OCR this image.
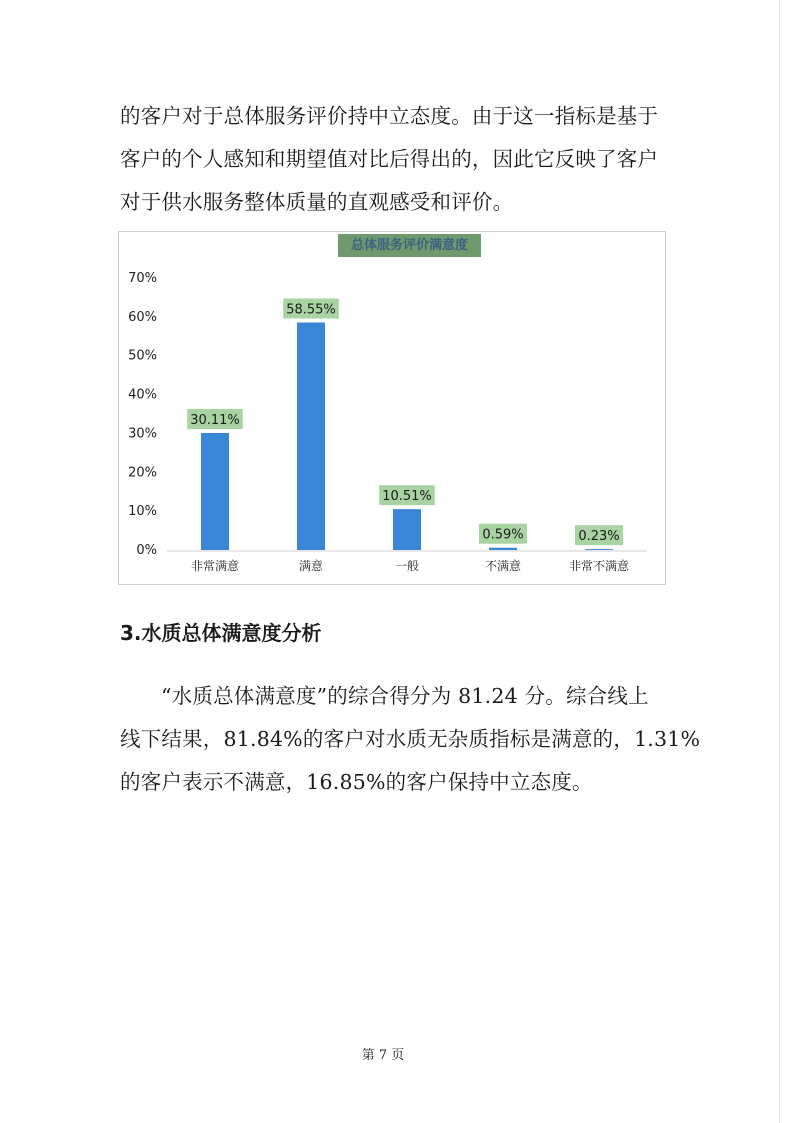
的客户对于总体服务评价持中立态度。由于这一指标是基于
客户的个人感知和期望值对比后得出的，因此它反映了客户
对于供水服务整体质量的直观感受和评价。

0%
10%
20%
30%
40%
50%
60%
70%
30.11%
非常满意
58.55%
满意
10.51%
一般
0.59%
不满意
0.23%
非常不满意
总体服务评价满意度
3.水质总体满意度分析

“水质总体满意度”的综合得分为 81.24 分。综合线上
线下结果，81.84%的客户对水质无杂质指标是满意的，1.31%
的客户表示不满意，16.85%的客户保持中立态度。

第 7 页
